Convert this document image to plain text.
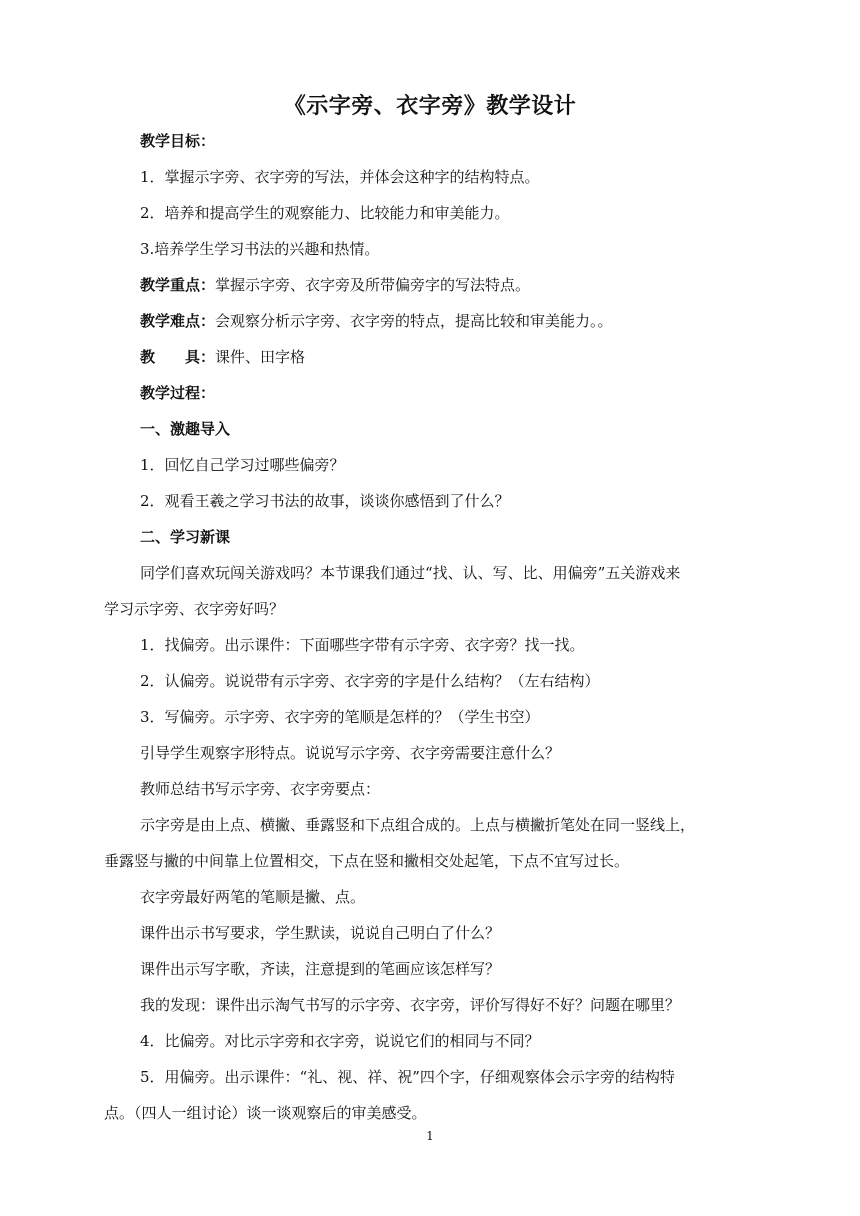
《示字旁、衣字旁》教学设计
教学目标：
1．掌握示字旁、衣字旁的写法，并体会这种字的结构特点。
2．培养和提高学生的观察能力、比较能力和审美能力。
3.培养学生学习书法的兴趣和热情。
教学重点：掌握示字旁、衣字旁及所带偏旁字的写法特点。
教学难点：会观察分析示字旁、衣字旁的特点，提高比较和审美能力。。
教 具：课件、田字格
教学过程：
一、激趣导入
1．回忆自己学习过哪些偏旁？
2．观看王羲之学习书法的故事，谈谈你感悟到了什么？
二、学习新课
同学们喜欢玩闯关游戏吗？本节课我们通过“找、认、写、比、用偏旁”五关游戏来
学习示字旁、衣字旁好吗？
1．找偏旁。出示课件：下面哪些字带有示字旁、衣字旁？找一找。
2．认偏旁。说说带有示字旁、衣字旁的字是什么结构？（左右结构）
3．写偏旁。示字旁、衣字旁的笔顺是怎样的？（学生书空）
引导学生观察字形特点。说说写示字旁、衣字旁需要注意什么？
教师总结书写示字旁、衣字旁要点：
示字旁是由上点、横撇、垂露竖和下点组合成的。上点与横撇折笔处在同一竖线上，
垂露竖与撇的中间靠上位置相交，下点在竖和撇相交处起笔，下点不宜写过长。
衣字旁最好两笔的笔顺是撇、点。
课件出示书写要求，学生默读，说说自己明白了什么？
课件出示写字歌，齐读，注意提到的笔画应该怎样写？
我的发现：课件出示淘气书写的示字旁、衣字旁，评价写得好不好？问题在哪里？
4．比偏旁。对比示字旁和衣字旁，说说它们的相同与不同？
5．用偏旁。出示课件：“礼、视、祥、祝”四个字，仔细观察体会示字旁的结构特
点。（四人一组讨论）谈一谈观察后的审美感受。
1
